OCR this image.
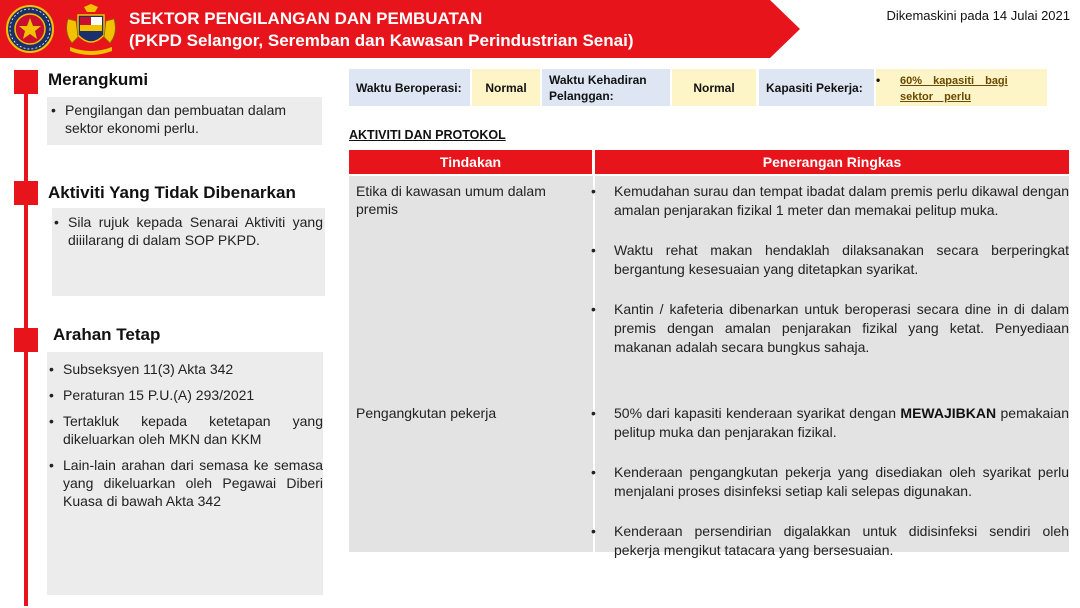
SEKTOR PENGILANGAN DAN PEMBUATAN
(PKPD Selangor, Seremban dan Kawasan Perindustrian Senai)
Dikemaskini pada 14 Julai 2021
Merangkumi
• Pengilangan dan pembuatan dalam sektor ekonomi perlu.
Aktiviti Yang Tidak Dibenarkan
• Sila rujuk kepada Senarai Aktiviti yang diiilarang di dalam SOP PKPD.
Arahan Tetap
• Subseksyen 11(3) Akta 342
• Peraturan 15 P.U.(A) 293/2021
• Tertakluk kepada ketetapan yang dikeluarkan oleh MKN dan KKM
• Lain-lain arahan dari semasa ke semasa yang dikeluarkan oleh Pegawai Diberi Kuasa di bawah Akta 342
Waktu Beroperasi:	Normal
Waktu Kehadiran Pelanggan:
Normal	Kapasiti Pekerja:
•	60% kapasiti bagi sektor perlu
AKTIVITI DAN PROTOKOL
Tindakan	Penerangan Ringkas
Etika di kawasan umum dalam premis
• Kemudahan surau dan tempat ibadat dalam premis perlu dikawal dengan amalan penjarakan fizikal 1 meter dan memakai pelitup muka.
• Waktu rehat makan hendaklah dilaksanakan secara berperingkat bergantung kesesuaian yang ditetapkan syarikat.
• Kantin / kafeteria dibenarkan untuk beroperasi secara dine in di dalam premis dengan amalan penjarakan fizikal yang ketat. Penyediaan makanan adalah secara bungkus sahaja.
Pengangkutan pekerja
•	50% dari kapasiti kenderaan syarikat dengan MEWAJIBKAN pemakaian pelitup muka dan penjarakan fizikal.
• Kenderaan pengangkutan pekerja yang disediakan oleh syarikat perlu menjalani proses disinfeksi setiap kali selepas digunakan.
• Kenderaan persendirian digalakkan untuk didisinfeksi sendiri oleh pekerja mengikut tatacara yang bersesuaian.
